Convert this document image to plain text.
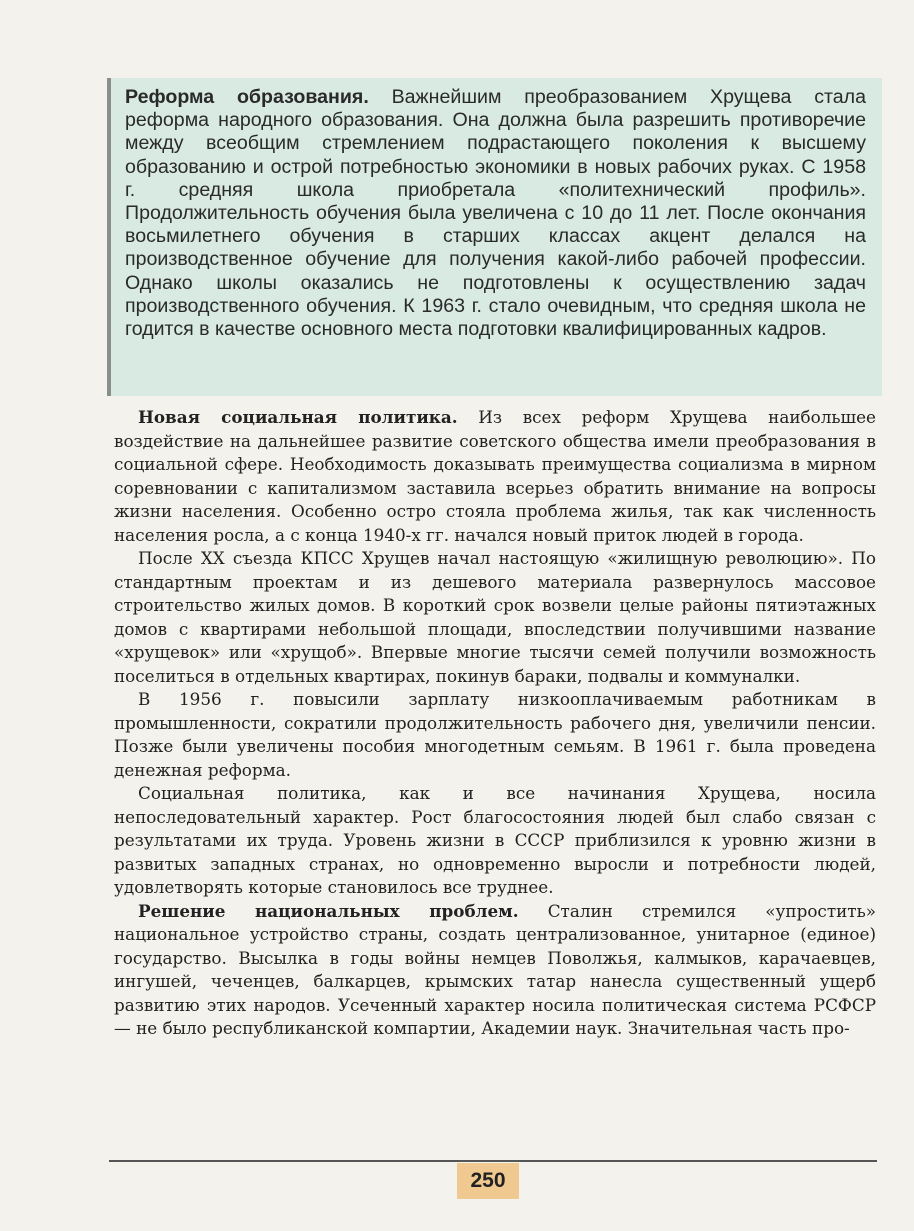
Реформа образования. Важнейшим преобразованием Хрущева стала реформа народного образования. Она должна была разрешить противоречие между всеобщим стремлением подрастающего поколения к высшему образованию и острой потребностью экономики в новых рабочих руках. С 1958 г. средняя школа приобретала «политехнический профиль».

Продолжительность обучения была увеличена с 10 до 11 лет. После окончания восьмилетнего обучения в старших классах акцент делался на производственное обучение для получения какой-либо рабочей профессии. Однако школы оказались не подготовлены к осуществлению задач производственного обучения. К 1963 г. стало очевидным, что средняя школа не годится в качестве основного места подготовки квалифицированных кадров.

Новая социальная политика. Из всех реформ Хрущева наибольшее воздействие на дальнейшее развитие советского общества имели преобразования в социальной сфере. Необходимость доказывать преимущества социализма в мирном соревновании с капитализмом заставила всерьез обратить внимание на вопросы жизни населения. Особенно остро стояла проблема жилья, так как численность населения росла, а с конца 1940-х гг. начался новый приток людей в города.

После XX съезда КПСС Хрущев начал настоящую «жилищную революцию». По стандартным проектам и из дешевого материала развернулось массовое строительство жилых домов. В короткий срок возвели целые районы пятиэтажных домов с квартирами небольшой площади, впоследствии получившими название «хрущевок» или «хрущоб». Впервые многие тысячи семей получили возможность поселиться в отдельных квартирах, покинув бараки, подвалы и коммуналки.

В 1956 г. повысили зарплату низкооплачиваемым работникам в промышленности, сократили продолжительность рабочего дня, увеличили пенсии. Позже были увеличены пособия многодетным семьям. В 1961 г. была проведена денежная реформа.

Социальная политика, как и все начинания Хрущева, носила непоследовательный характер. Рост благосостояния людей был слабо связан с результатами их труда. Уровень жизни в СССР приблизился к уровню жизни в развитых западных странах, но одновременно выросли и потребности людей, удовлетворять которые становилось все труднее.

Решение национальных проблем. Сталин стремился «упростить» национальное устройство страны, создать централизованное, унитарное (единое) государство. Высылка в годы войны немцев Поволжья, калмыков, карачаевцев, ингушей, чеченцев, балкарцев, крымских татар нанесла существенный ущерб развитию этих народов. Усеченный характер носила политическая система РСФСР — не было республиканской компартии, Академии наук. Значительная часть про-

250
